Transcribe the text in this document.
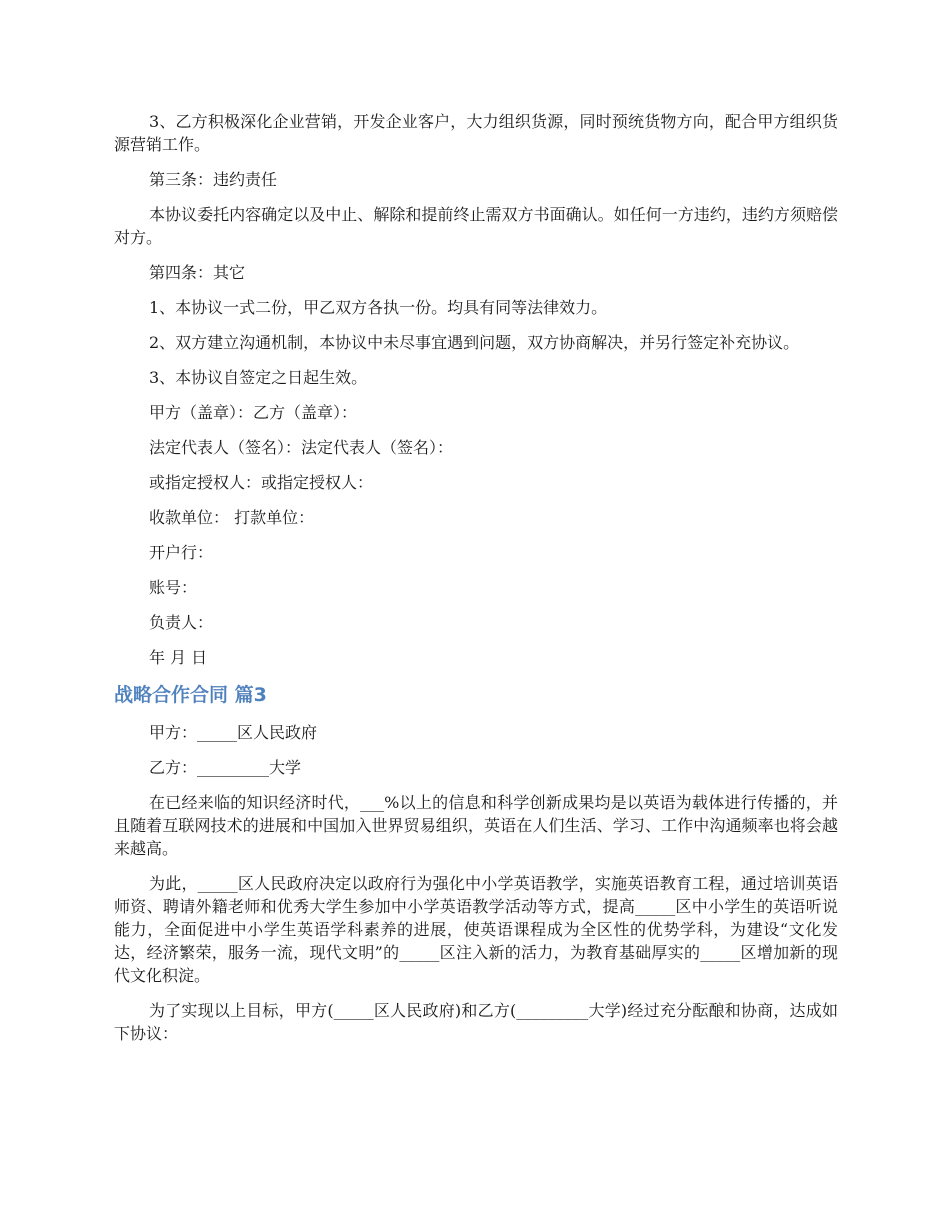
3、乙方积极深化企业营销，开发企业客户，大力组织货源，同时预统货物方向，配合甲方组织货源营销工作。

第三条：违约责任

本协议委托内容确定以及中止、解除和提前终止需双方书面确认。如任何一方违约，违约方须赔偿对方。

第四条：其它

1、本协议一式二份，甲乙双方各执一份。均具有同等法律效力。

2、双方建立沟通机制，本协议中未尽事宜遇到问题，双方协商解决，并另行签定补充协议。

3、本协议自签定之日起生效。

甲方（盖章）：乙方（盖章）：

法定代表人（签名）：法定代表人（签名）：

或指定授权人：或指定授权人：

收款单位： 打款单位：

开户行：

账号：

负责人：

年 月 日

战略合作合同 篇3

甲方：_____区人民政府

乙方：_________大学

在已经来临的知识经济时代，___%以上的信息和科学创新成果均是以英语为载体进行传播的，并且随着互联网技术的进展和中国加入世界贸易组织，英语在人们生活、学习、工作中沟通频率也将会越来越高。

为此，_____区人民政府决定以政府行为强化中小学英语教学，实施英语教育工程，通过培训英语师资、聘请外籍老师和优秀大学生参加中小学英语教学活动等方式，提高_____区中小学生的英语听说能力，全面促进中小学生英语学科素养的进展，使英语课程成为全区性的优势学科，为建设“文化发达，经济繁荣，服务一流，现代文明”的_____区注入新的活力，为教育基础厚实的_____区增加新的现代文化积淀。

为了实现以上目标，甲方(_____区人民政府)和乙方(_________大学)经过充分酝酿和协商，达成如下协议：
